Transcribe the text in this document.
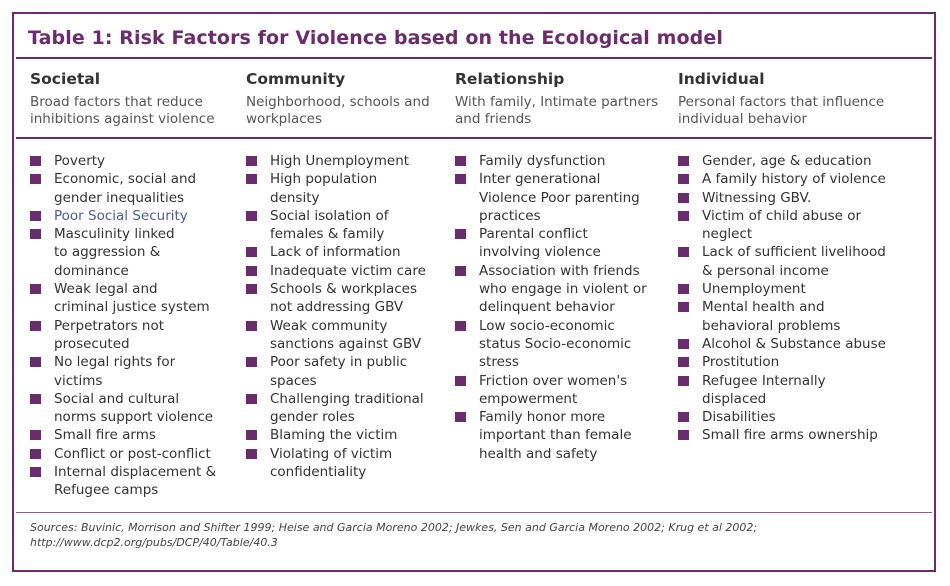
Table 1: Risk Factors for Violence based on the Ecological model
Societal
Broad factors that reduce inhibitions against violence
Poverty
Economic, social and
gender inequalities
Poor Social Security
Masculinity linked
to aggression &
dominance
Weak legal and
criminal justice system
Perpetrators not
prosecuted
No legal rights for
victims
Social and cultural
norms support violence
Small fire arms
Conflict or post-conflict
Internal displacement &
Refugee camps
Community
Neighborhood, schools and workplaces
High Unemployment
High population
density
Social isolation of
females & family
Lack of information
Inadequate victim care
Schools & workplaces
not addressing GBV
Weak community
sanctions against GBV
Poor safety in public
spaces
Challenging traditional
gender roles
Blaming the victim
Violating of victim
confidentiality
Relationship
With family, Intimate partners and friends
Family dysfunction
Inter generational
Violence Poor parenting
practices
Parental conflict
involving violence
Association with friends
who engage in violent or
delinquent behavior
Low socio-economic
status Socio-economic
stress
Friction over women's
empowerment
Family honor more
important than female
health and safety
Individual
Personal factors that influence individual behavior
Gender, age & education
A family history of violence
Witnessing GBV.
Victim of child abuse or
neglect
Lack of sufficient livelihood
& personal income
Unemployment
Mental health and
behavioral problems
Alcohol & Substance abuse
Prostitution
Refugee Internally
displaced
Disabilities
Small fire arms ownership
Sources: Buvinic, Morrison and Shifter 1999; Heise and Garcia Moreno 2002; Jewkes, Sen and Garcia Moreno 2002; Krug et al 2002;
http://www.dcp2.org/pubs/DCP/40/Table/40.3
